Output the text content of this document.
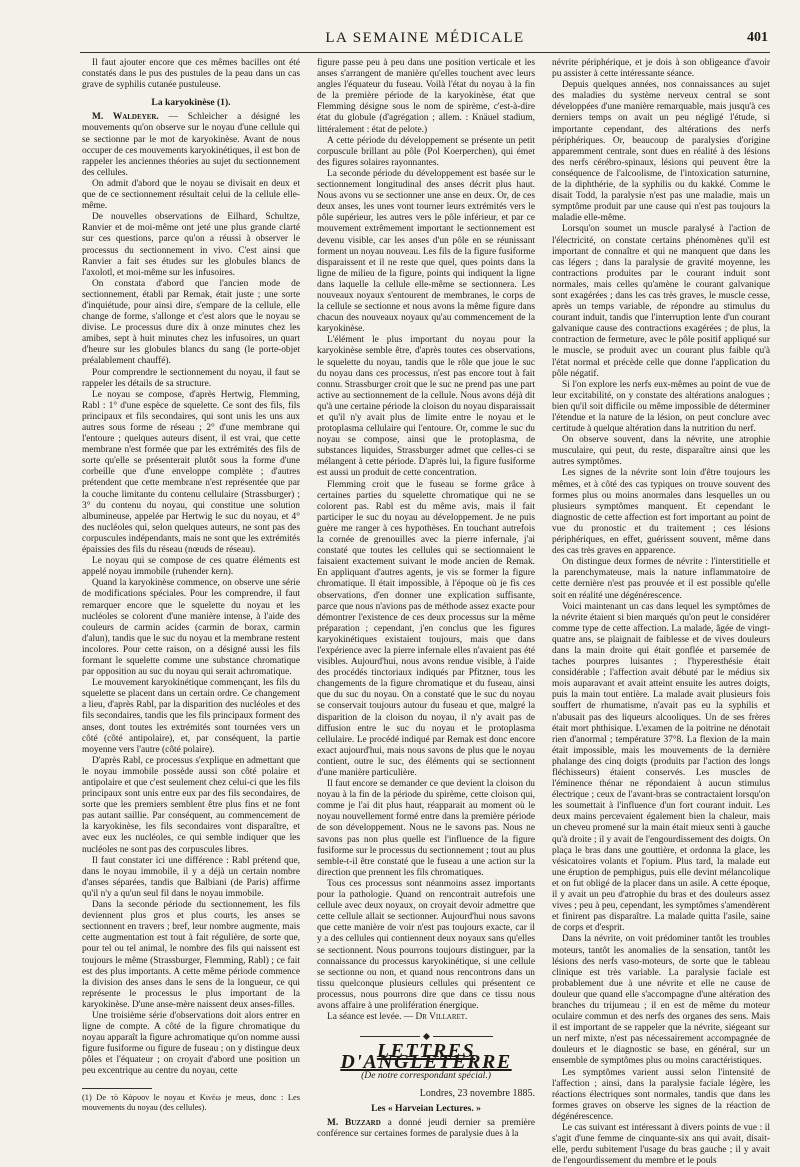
LA SEMAINE MÉDICALE	401

Il faut ajouter encore que ces mêmes bacilles ont été constatés dans le pus des pustules de la peau dans un cas grave de syphilis cutanée pustuleuse.

La karyokinèse (1).

M. Waldeyer. — Schleicher a désigné les mouvements qu'on observe sur le noyau d'une cellule qui se sectionne par le mot de karyokinèse. Avant de nous occuper de ces mouvements karyokinétiques, il est bon de rappeler les anciennes théories au sujet du sectionnement des cellules.

On admit d'abord que le noyau se divisait en deux et que de ce sectionnement résultait celui de la cellule elle-même.

De nouvelles observations de Eilhard, Schultze, Ranvier et de moi-même ont jeté une plus grande clarté sur ces questions, parce qu'on a réussi à observer le processus du sectionnement in vivo. C'est ainsi que Ranvier a fait ses études sur les globules blancs de l'axolotl, et moi-même sur les infusoires.

On constata d'abord que l'ancien mode de sectionnement, établi par Remak, était juste ; une sorte d'inquiétude, pour ainsi dire, s'empare de la cellule, elle change de forme, s'allonge et c'est alors que le noyau se divise. Le processus dure dix à onze minutes chez les amibes, sept à huit minutes chez les infusoires, un quart d'heure sur les globules blancs du sang (le porte-objet préalablement chauffé).

Pour comprendre le sectionnement du noyau, il faut se rappeler les détails de sa structure.

Le noyau se compose, d'après Hertwig, Flemming, Rabl : 1° d'une espèce de squelette. Ce sont des fils, fils principaux et fils secondaires, qui sont unis les uns aux autres sous forme de réseau ; 2° d'une membrane qui l'entoure ; quelques auteurs disent, il est vrai, que cette membrane n'est formée que par les extrémités des fils de sorte qu'elle se présenterait plutôt sous la forme d'une corbeille que d'une enveloppe complète ; d'autres prétendent que cette membrane n'est représentée que par la couche limitante du contenu cellulaire (Strassburger) ; 3° du contenu du noyau, qui constitue une solution albumineuse, appelée par Hertwig le suc du noyau, et 4° des nucléoles qui, selon quelques auteurs, ne sont pas des corpuscules indépendants, mais ne sont que les extrémités épaissies des fils du réseau (nœuds de réseau).

Le noyau qui se compose de ces quatre éléments est appelé noyau immobile (ruhender kern).

Quand la karyokinèse commence, on observe une série de modifications spéciales. Pour les comprendre, il faut remarquer encore que le squelette du noyau et les nucléoles se colorent d'une manière intense, à l'aide des couleurs de carmin acides (carmin de borax, carmin d'alun), tandis que le suc du noyau et la membrane restent incolores. Pour cette raison, on a désigné aussi les fils formant le squelette comme une substance chromatique par opposition au suc du noyau qui serait achromatique.

Le mouvement karyokinétique commençant, les fils du squelette se placent dans un certain ordre. Ce changement a lieu, d'après Rabl, par la disparition des nucléoles et des fils secondaires, tandis que les fils principaux forment des anses, dont toutes les extrémités sont tournées vers un côté (côté antipolaire), et, par conséquent, la partie moyenne vers l'autre (côté polaire).

D'après Rabl, ce processus s'explique en admettant que le noyau immobile possède aussi son côté polaire et antipolaire et que c'est seulement chez celui-ci que les fils principaux sont unis entre eux par des fils secondaires, de sorte que les premiers semblent être plus fins et ne font pas autant saillie. Par conséquent, au commencement de la karyokinèse, les fils secondaires vont disparaître, et avec eux les nucléoles, ce qui semble indiquer que les nucléoles ne sont pas des corpuscules libres.

Il faut constater ici une différence : Rabl prétend que, dans le noyau immobile, il y a déjà un certain nombre d'anses séparées, tandis que Balbiani (de Paris) affirme qu'il n'y a qu'un seul fil dans le noyau immobile.

Dans la seconde période du sectionnement, les fils deviennent plus gros et plus courts, les anses se sectionnent en travers ; bref, leur nombre augmente, mais cette augmentation est tout à fait régulière, de sorte que, pour tel ou tel animal, le nombre des fils qui naissent est toujours le même (Strassburger, Flemming, Rabl) ; ce fait est des plus importants. A cette même période commence la division des anses dans le sens de la longueur, ce qui représente le processus le plus important de la karyokinèse. D'une anse-mère naissent deux anses-filles.

Une troisième série d'observations doit alors entrer en ligne de compte. A côté de la figure chromatique du noyau apparaît la figure achromatique qu'on nomme aussi figure fusiforme ou figure de fuseau ; on y distingue deux pôles et l'équateur ; on croyait d'abord une position un peu excentrique au centre du noyau, cette

(1) De τὸ Κάρυον le noyau et Κινέω je meus, donc : Les mouvements du noyau (des cellules).

figure passe peu à peu dans une position verticale et les anses s'arrangent de manière qu'elles touchent avec leurs angles l'équateur du fuseau. Voilà l'état du noyau à la fin de la première période de la karyokinèse, état que Flemming désigne sous le nom de spirème, c'est-à-dire état du globule (d'agrégation ; allem. : Knäuel stadium, littéralement : état de pelote.)

A cette période du développement se présente un petit corpuscule brillant au pôle (Pol Koerperchen), qui émet des figures solaires rayonnantes.

La seconde période du développement est basée sur le sectionnement longitudinal des anses décrit plus haut. Nous avons vu se sectionner une anse en deux. Or, de ces deux anses, les unes vont tourner leurs extrémités vers le pôle supérieur, les autres vers le pôle inférieur, et par ce mouvement extrêmement important le sectionnement est devenu visible, car les anses d'un pôle en se réunissant forment un noyau nouveau. Les fils de la figure fusiforme disparaissent et il ne reste que quel, ques points dans la ligne de milieu de la figure, points qui indiquent la ligne dans laquelle la cellule elle-même se sectionnera. Les nouveaux noyaux s'entourent de membranes, le corps de la cellule se sectionne et nous avons la même figure dans chacun des nouveaux noyaux qu'au commencement de la karyokinèse.

L'élément le plus important du noyau pour la karyokinèse semble être, d'après toutes ces observations, le squelette du noyau, tandis que le rôle que joue le suc du noyau dans ces processus, n'est pas encore tout à fait connu. Strassburger croit que le suc ne prend pas une part active au sectionnement de la cellule. Nous avons déjà dit qu'à une certaine période la cloison du noyau disparaissait et qu'il n'y avait plus de limite entre le noyau et le protoplasma cellulaire qui l'entoure. Or, comme le suc du noyau se compose, ainsi que le protoplasma, de substances liquides, Strassburger admet que celles-ci se mélangent à cette période. D'après lui, la figure fusiforme est aussi un produit de cette concentration.

Flemming croit que le fuseau se forme grâce à certaines parties du squelette chromatique qui ne se colorent pas. Rabl est du même avis, mais il fait participer le suc du noyau au développement. Je ne puis guère me ranger à ces hypothèses. En touchant autrefois la cornée de grenouilles avec la pierre infernale, j'ai constaté que toutes les cellules qui se sectionnaient le faisaient exactement suivant le mode ancien de Remak. En appliquant d'autres agents, je vis se former la figure chromatique. Il était impossible, à l'époque où je fis ces observations, d'en donner une explication suffisante, parce que nous n'avions pas de méthode assez exacte pour démontrer l'existence de ces deux processus sur la même préparation ; cependant, j'en conclus que les figures karyokinétiques existaient toujours, mais que dans l'expérience avec la pierre infernale elles n'avaient pas été visibles. Aujourd'hui, nous avons rendue visible, à l'aide des procédés tinctoriaux indiqués par Pfitzner, tous les changements de la figure chromatique et du fuseau, ainsi que du suc du noyau. On a constaté que le suc du noyau se conservait toujours autour du fuseau et que, malgré la disparition de la cloison du noyau, il n'y avait pas de diffusion entre le suc du noyau et le protoplasma cellulaire. Le procédé indiqué par Remak est donc encore exact aujourd'hui, mais nous savons de plus que le noyau contient, outre le suc, des éléments qui se sectionnent d'une manière particulière.

Il faut encore se demander ce que devient la cloison du noyau à la fin de la période du spirème, cette cloison qui, comme je l'ai dit plus haut, réapparait au moment où le noyau nouvellement formé entre dans la première période de son développement. Nous ne le savons pas. Nous ne savons pas non plus quelle est l'influence de la figure fusiforme sur le processus du sectionnement ; tout au plus semble-t-il être constaté que le fuseau a une action sur la direction que prennent les fils chromatiques.

Tous ces processus sont néanmoins assez importants pour la pathologie. Quand on rencontrait autrefois une cellule avec deux noyaux, on croyait devoir admettre que cette cellule allait se sectionner. Aujourd'hui nous savons que cette manière de voir n'est pas toujours exacte, car il y a des cellules qui contiennent deux noyaux sans qu'elles se sectionnent. Nous pourrons toujours distinguer, par la connaissance du processus karyokinétique, si une cellule se sectionne ou non, et quand nous rencontrons dans un tissu quelconque plusieurs cellules qui présentent ce processus, nous pourrons dire que dans ce tissu nous avons affaire à une prolifération énergique.

La séance est levée. — Dr Villaret.

LETTRES D'ANGLETERRE
(De notre correspondant spécial.)
Londres, 23 novembre 1885.
Les « Harveian Lectures. »

M. Buzzard a donné jeudi dernier sa première conférence sur certaines formes de paralysie dues à la

névrite périphérique, et je dois à son obligeance d'avoir pu assister à cette intéressante séance.

Depuis quelques années, nos connaissances au sujet des maladies du système nerveux central se sont développées d'une manière remarquable, mais jusqu'à ces derniers temps on avait un peu négligé l'étude, si importante cependant, des altérations des nerfs périphériques. Or, beaucoup de paralysies d'origine apparemment centrale, sont dues en réalité à des lésions des nerfs cérébro-spinaux, lésions qui peuvent être la conséquence de l'alcoolisme, de l'intoxication saturnine, de la diphthérie, de la syphilis ou du kakké. Comme le disait Todd, la paralysie n'est pas une maladie, mais un symptôme produit par une cause qui n'est pas toujours la maladie elle-même.

Lorsqu'on soumet un muscle paralysé à l'action de l'électricité, on constate certains phénomènes qu'il est important de connaître et qui ne manquent que dans les cas légers ; dans la paralysie de gravité moyenne, les contractions produites par le courant induit sont normales, mais celles qu'amène le courant galvanique sont exagérées ; dans les cas très graves, le muscle cesse, après un temps variable, de répondre au stimulus du courant induit, tandis que l'interruption lente d'un courant galvanique cause des contractions exagérées ; de plus, la contraction de fermeture, avec le pôle positif appliqué sur le muscle, se produit avec un courant plus faible qu'à l'état normal et précède celle que donne l'application du pôle négatif.

Si l'on explore les nerfs eux-mêmes au point de vue de leur excitabilité, on y constate des altérations analogues ; bien qu'il soit difficile ou même impossible de déterminer l'étendue et la nature de la lésion, on peut conclure avec certitude à quelque altération dans la nutrition du nerf.

On observe souvent, dans la névrite, une atrophie musculaire, qui peut, du reste, disparaître ainsi que les autres symptômes.

Les signes de la névrite sont loin d'être toujours les mêmes, et à côté des cas typiques on trouve souvent des formes plus ou moins anormales dans lesquelles un ou plusieurs symptômes manquent. Et cependant le diagnostic de cette affection est fort important au point de vue du pronostic et du traitement ; ces lésions périphériques, en effet, guérissent souvent, même dans des cas très graves en apparence.

On distingue deux formes de névrite : l'interstitielle et la parenchymateuse, mais la nature inflammatoire de cette dernière n'est pas prouvée et il est possible qu'elle soit en réalité une dégénérescence.

Voici maintenant un cas dans lequel les symptômes de la névrite étaient si bien marqués qu'on peut le considérer comme type de cette affection. La malade, âgée de vingt-quatre ans, se plaignait de faiblesse et de vives douleurs dans la main droite qui était gonflée et parsemée de taches pourpres luisantes ; l'hyperesthésie était considérable ; l'affection avait débuté par le médius six mois auparavant et avait atteint ensuite les autres doigts, puis la main tout entière. La malade avait plusieurs fois souffert de rhumatisme, n'avait pas eu la syphilis et n'abusait pas des liqueurs alcooliques. Un de ses frères était mort phthisique. L'examen de la poitrine ne dénotait rien d'anormal ; température 37°8. La flexion de la main était impossible, mais les mouvements de la dernière phalange des cinq doigts (produits par l'action des longs fléchisseurs) étaient conservés. Les muscles de l'éminence thénar ne répondaient à aucun stimulus électrique ; ceux de l'avant-bras se contractaient lorsqu'on les soumettait à l'influence d'un fort courant induit. Les deux mains percevaient également bien la chaleur, mais un cheveu promené sur la main était mieux senti à gauche qu'à droite ; il y avait de l'engourdissement des doigts. On plaça le bras dans une gouttière, et ordonna la glace, les vésicatoires volants et l'opium. Plus tard, la malade eut une éruption de pemphigus, puis elle devint mélancolique et on fut obligé de la placer dans un asile. A cette époque, il y avait un peu d'atrophie du bras et des douleurs assez vives ; peu à peu, cependant, les symptômes s'amendèrent et finirent pas disparaître. La malade quitta l'asile, saine de corps et d'esprit.

Dans la névrite, on voit prédominer tantôt les troubles moteurs, tantôt les anomalies de la sensation, tantôt les lésions des nerfs vaso-moteurs, de sorte que le tableau clinique est très variable. La paralysie faciale est probablement due à une névrite et elle ne cause de douleur que quand elle s'accompagne d'une altération des branches du trijumeau ; il en est de même du moteur oculaire commun et des nerfs des organes des sens. Mais il est important de se rappeler que la névrite, siégeant sur un nerf mixte, n'est pas nécessairement accompagnée de douleurs et le diagnostic se base, en général, sur un ensemble de symptômes plus ou moins caractéristiques.

Les symptômes varient aussi selon l'intensité de l'affection ; ainsi, dans la paralysie faciale légère, les réactions électriques sont normales, tandis que dans les formes graves on observe les signes de la réaction de dégénérescence.

Le cas suivant est intéressant à divers points de vue : il s'agit d'une femme de cinquante-six ans qui avait, disait-elle, perdu subitement l'usage du bras gauche ; il y avait de l'engourdissement du membre et le pouls
